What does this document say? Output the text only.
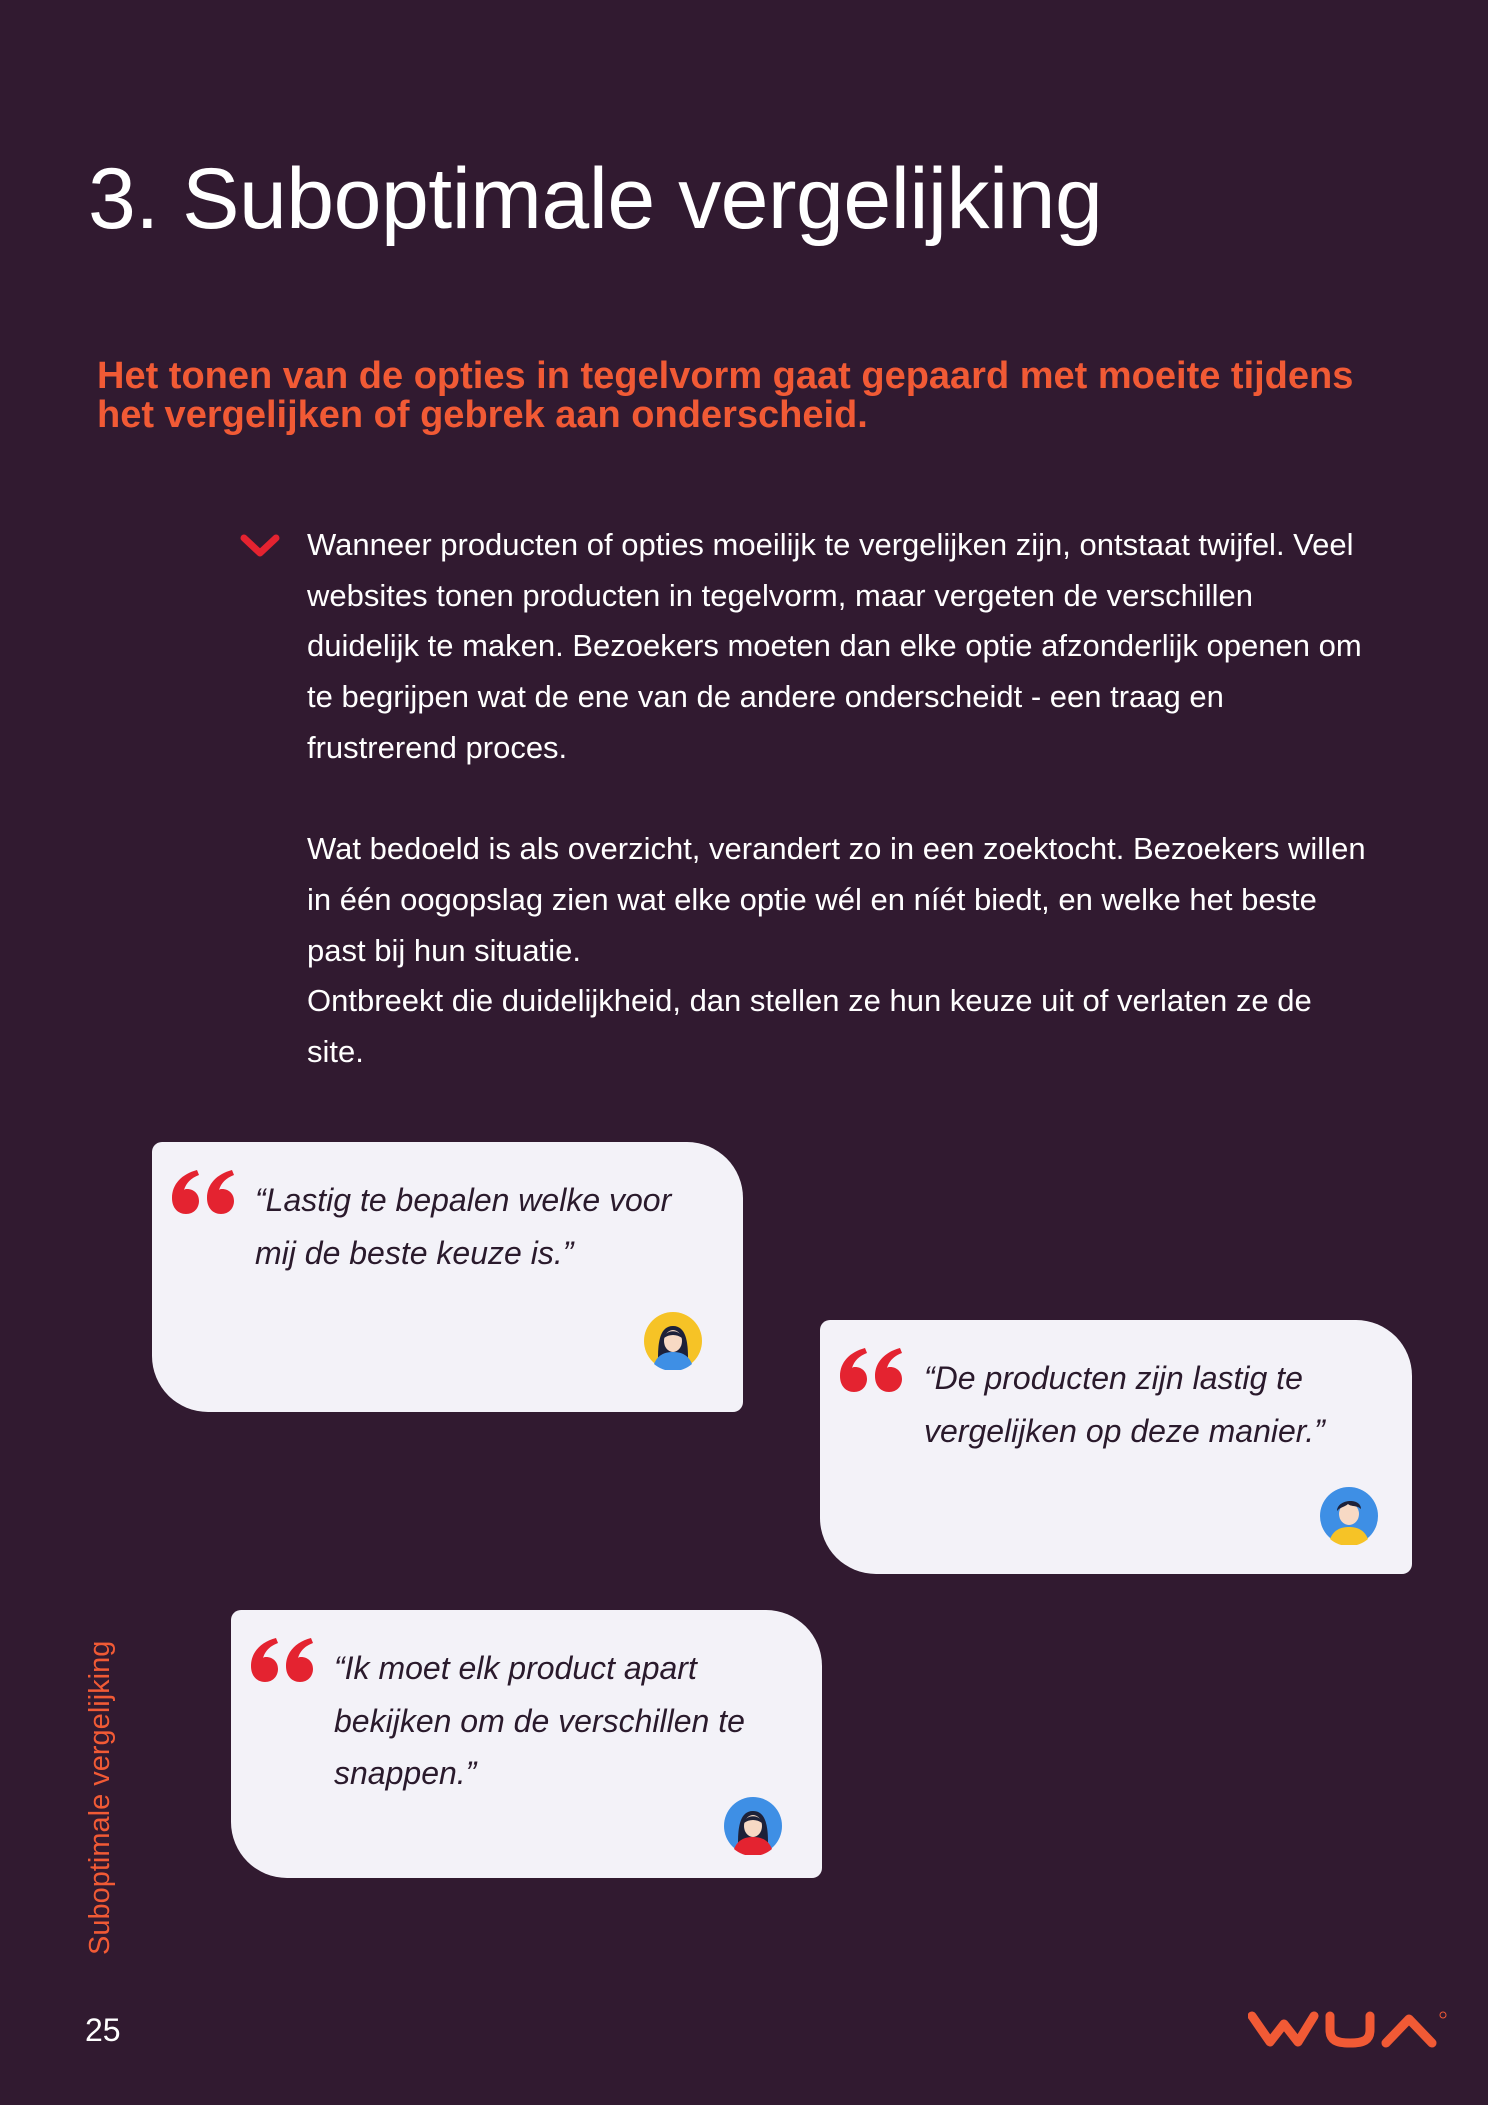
3. Suboptimale vergelijking

Het tonen van de opties in tegelvorm gaat gepaard met moeite tijdens het vergelijken of gebrek aan onderscheid.

Wanneer producten of opties moeilijk te vergelijken zijn, ontstaat twijfel. Veel websites tonen producten in tegelvorm, maar vergeten de verschillen duidelijk te maken. Bezoekers moeten dan elke optie afzonderlijk openen om te begrijpen wat de ene van de andere onderscheidt - een traag en frustrerend proces.

Wat bedoeld is als overzicht, verandert zo in een zoektocht. Bezoekers willen in één oogopslag zien wat elke optie wél en níét biedt, en welke het beste past bij hun situatie.

Ontbreekt die duidelijkheid, dan stellen ze hun keuze uit of verlaten ze de site.

“Lastig te bepalen welke voor mij de beste keuze is.”

“De producten zijn lastig te vergelijken op deze manier.”

“Ik moet elk product apart bekijken om de verschillen te snappen.”

Suboptimale vergelijking
25
